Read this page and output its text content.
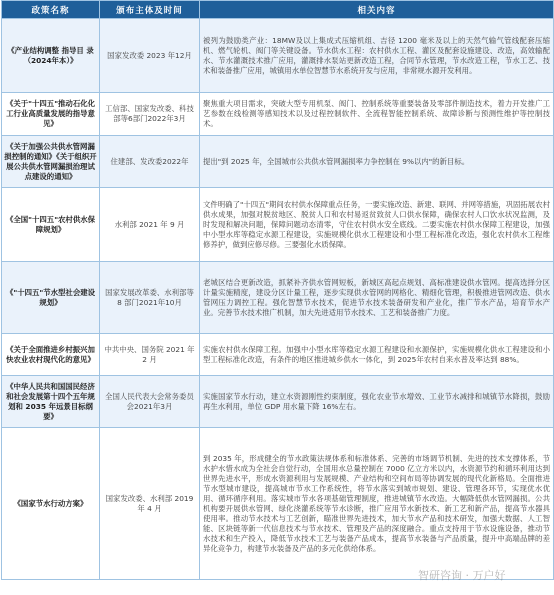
政策名称	颁布主体及时间	相关内容
《产业结构调整 指导目 录（2024年本）》	国家发改委 2023 年12月	被列为鼓励类产业：18MW及以上集成式压缩机组、吉径 1200 毫米及以上的天然气输气管线配套压缩机、燃气轮机、阀门等关键设备。节水供水工程：农村供水工程、灌区及配套设施建设、改造，高效输配水、节水灌溉技术推广应用，灌溉排水泵站更新改造工程，合同节水管理，节水改造工程，节水工艺、技术和装备推广应用，城镇用水单位智慧节水系统开发与应用，非常规水源开发利用。
《关于"十四五"推动石化化工行业高质量发展的指导意见》	工信部、国家发改委、科技部等6部门2022年3月	聚焦重大项目需求，突破大型专用机泵、阀门、控制系统等重要装备及零部件制造技术，着力开发推广工艺参数在线检测等感知技术以及过程控制软件、全流程智能控制系统、故障诊断与预测性维护等控制技术。
《关于加强公共供水管网漏损控制的通知》《关于组织开展公共供水管网漏损治理试点建设的通知》	住建部、发改委2022年	提出"到 2025 年，全国城市公共供水管网漏损率力争控制在 9%以内"的新目标。
《全国"十四五"农村供水保障规划》	水利部 2021 年 9 月	文件明确了"十四五"期间农村供水保障重点任务，一要实施改造、新建、联网、并网等措施，巩固拓展农村供水成果，加强对脱贫地区、脱贫人口和农村易返贫致贫人口供水保障，确保农村人口饮水状况监测，及时发现和解决问题，保障问题动态清零，守住农村供水安全底线。二要实施农村供水保障工程建设，加强中小型水库等稳定水源工程建设，实施规模化供水工程建设和小型工程标准化改造，强化农村供水工程维修养护，做到应修尽修。三要强化水质保障。
《"十四五"节水型社会建设规划》	国家发展改革委、水利部等 8 部门2021年10月	老城区结合更新改造，抓紧补齐供水管网短板，新城区高起点规划、高标准建设供水管网。提高选择分区计量实施精度，建设分区计量工程，逐步实现供水管网的网格化、精细化管理，积极推进管网改造、供水管网压力调控工程。强化智慧节水技术，促进节水技术装备研发和产业化，推广节水产品，培育节水产业。完善节水技术推广机制，加大先进适用节水技术、工艺和装备推广力度。
《关于全面推进乡村振兴加快农业农村现代化的意见》	中共中央、国务院 2021 年 2 月	实施农村供水保障工程。加强中小型水库等稳定水源工程建设和水源保护，实施规模化供水工程建设和小型工程标准化改造，有条件的地区推进城乡供水一体化，到 2025年农村自来水普及率达到 88%。
《中华人民共和国国民经济和社会发展第十四个五年规划和 2035 年远景目标纲要》	全国人民代表大会常务委员会2021年3月	实施国家节水行动，建立水资源刚性约束制度，强化农业节水增效、工业节水减排和城镇节水降损，鼓励再生水利用，单位 GDP 用水量下降 16%左右。
《国家节水行动方案》	国家发改委、水利部 2019 年 4 月	到 2035 年，形成健全的节水政策法规体系和标准体系、完善的市场调节机制、先进的技术支撑体系，节水护水惜水成为全社会自觉行动，全国用水总量控制在 7000 亿立方米以内，水资源节约和循环利用达到世界先进水平，形成水资源利用与发展规模、产业结构和空间布局等协调发展的现代化新格局。全面推进节水型城市建设，提高城市节水工作系统性，将节水落实到城市规划、建设、管理各环节，实现优水优用、循环循序利用。落实城市节水各项基础管理制度，推进城镇节水改造。大幅降低供水管网漏损。公共机构要开展供水管网、绿化浇灌系统等节水诊断，推广应用节水新技术、新工艺和新产品，提高节水器具使用率。推动节水技术与工艺创新，瞄准世界先进技术，加大节水产品和技术研发，加强大数据、人工智能、区块链等新一代信息技术与节水技术、管理及产品的深度融合。重点支持用于节水设施设备，推动节水技术和生产投入，降低节水技术工艺与装备产品成本，提高节水装备与产品质量，提升中高端品牌的差异化竞争力，构建节水装备及产品的多元化供给体系。
智研咨询 · 万户好
